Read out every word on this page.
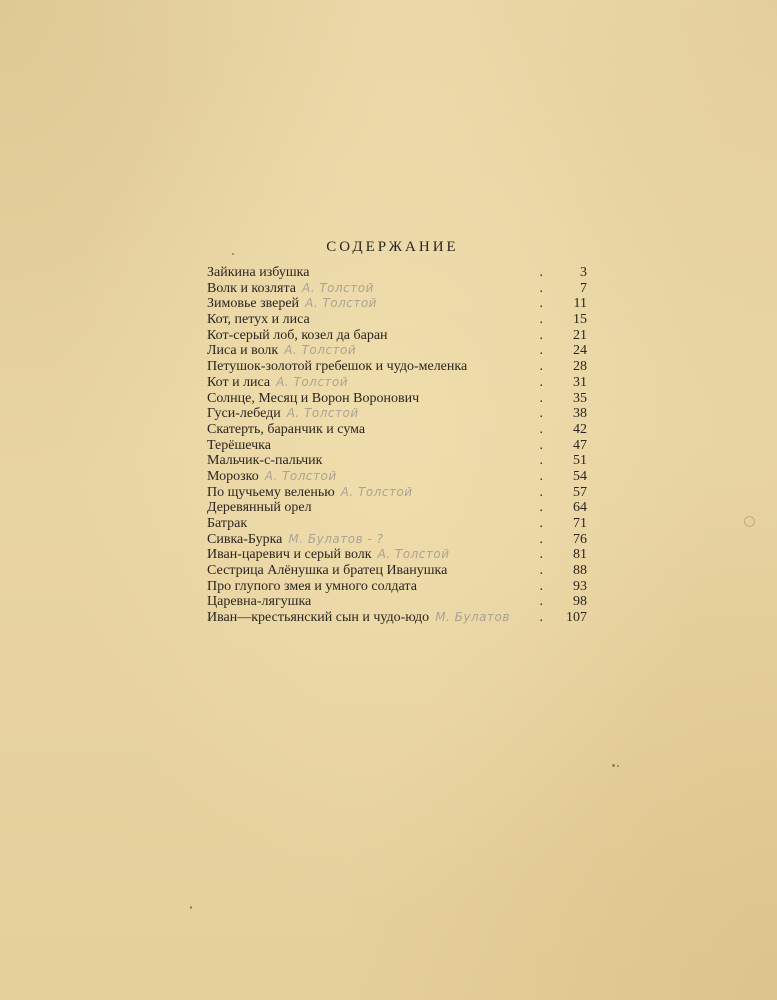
СОДЕРЖАНИЕ
.
Зайкина избушка	3
.
Волк и козлята А. Толстой	7
.
Зимовье зверей А. Толстой	11
.
Кот, петух и лиса	15
.
Кот-серый лоб, козел да баран	21
.
Лиса и волк А. Толстой	24
.
Петушок-золотой гребешок и чудо-меленка	28
.
Кот и лиса А. Толстой	31
.
Солнце, Месяц и Ворон Воронович	35
.
Гуси-лебеди А. Толстой	38
.
Скатерть, баранчик и сума	42
.
Терёшечка	47
.
Мальчик-с-пальчик	51
.
Морозко А. Толстой	54
.
По щучьему веленью А. Толстой	57
.
Деревянный орел	64
.
Батрак	71
.
Сивка-Бурка М. Булатов - ?	76
.
Иван-царевич и серый волк А. Толстой	81
.
Сестрица Алёнушка и братец Иванушка	88
.
Про глупого змея и умного солдата	93
.
Царевна-лягушка	98
.
Иван—крестьянский сын и чудо-юдо М. Булатов	107
